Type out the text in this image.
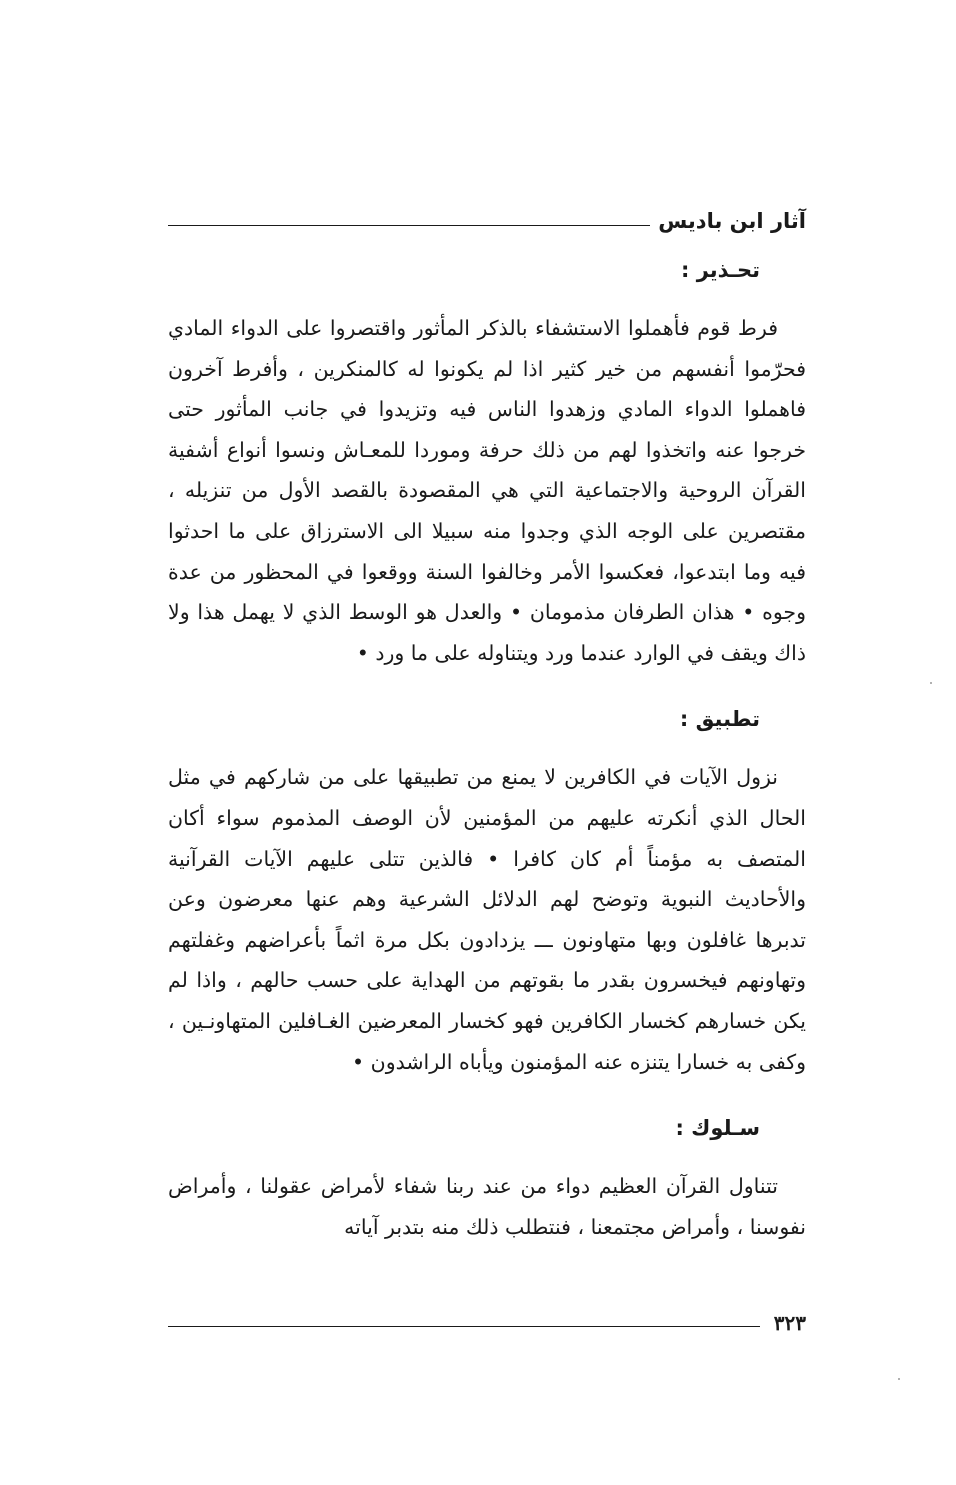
آثار ابن باديس
تحـذير :

فرط قوم فأهملوا الاستشفاء بالذكر المأثور واقتصروا على الدواء المادي فحرّموا أنفسهم من خير كثير اذا لم يكونوا له كالمنكرين ، وأفرط آخرون فاهملوا الدواء المادي وزهدوا الناس فيه وتزيدوا في جانب المأثور حتى خرجوا عنه واتخذوا لهم من ذلك حرفة وموردا للمعـاش ونسوا أنواع أشفية القرآن الروحية والاجتماعية التي هي المقصودة بالقصد الأول من تنزيله ، مقتصرين على الوجه الذي وجدوا منه سبيلا الى الاسترزاق على ما احدثوا فيه وما ابتدعوا، فعكسوا الأمر وخالفوا السنة ووقعوا في المحظور من عدة وجوه • هذان الطرفان مذمومان • والعدل هو الوسط الذي لا يهمل هذا ولا ذاك ويقف في الوارد عندما ورد ويتناوله على ما ورد •

تطبيق :

نزول الآيات في الكافرين لا يمنع من تطبيقها على من شاركهم في مثل الحال الذي أنكرته عليهم من المؤمنين لأن الوصف المذموم سواء أكان المتصف به مؤمناً أم كان كافرا • فالذين تتلى عليهم الآيات القرآنية والأحاديث النبوية وتوضح لهم الدلائل الشرعية وهم عنها معرضون وعن تدبرها غافلون وبها متهاونون ـــ يزدادون بكل مرة اثماً بأعراضهم وغفلتهم وتهاونهم فيخسرون بقدر ما بقوتهم من الهداية على حسب حالهم ، واذا لم يكن خسارهم كخسار الكافرين فهو كخسار المعرضين الغـافلين المتهاونـين ، وكفى به خسارا يتنزه عنه المؤمنون ويأباه الراشدون •

سـلوك :

تتناول القرآن العظيم دواء من عند ربنا شفاء لأمراض عقولنا ، وأمراض نفوسنا ، وأمراض مجتمعنا ، فنتطلب ذلك منه بتدبر آياته

٣٢٣
